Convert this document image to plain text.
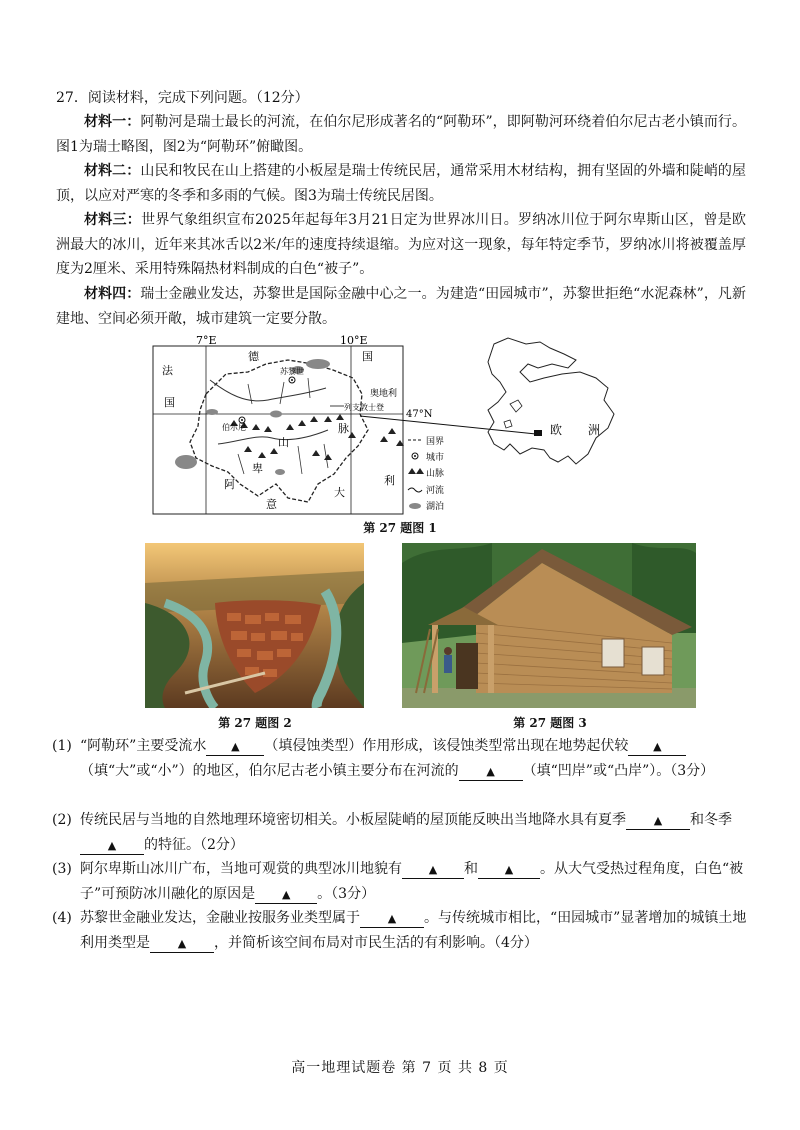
27．阅读材料，完成下列问题。（12分）

材料一：阿勒河是瑞士最长的河流，在伯尔尼形成著名的“阿勒环”，即阿勒河环绕着伯尔尼古老小镇而行。图1为瑞士略图，图2为“阿勒环”俯瞰图。

材料二：山民和牧民在山上搭建的小板屋是瑞士传统民居，通常采用木材结构，拥有坚固的外墙和陡峭的屋顶，以应对严寒的冬季和多雨的气候。图3为瑞士传统民居图。

材料三：世界气象组织宣布2025年起每年3月21日定为世界冰川日。罗纳冰川位于阿尔卑斯山区，曾是欧洲最大的冰川，近年来其冰舌以2米/年的速度持续退缩。为应对这一现象，每年特定季节，罗纳冰川将被覆盖厚度为2厘米、采用特殊隔热材料制成的白色“被子”。

材料四：瑞士金融业发达，苏黎世是国际金融中心之一。为建造“田园城市”，苏黎世拒绝“水泥森林”，凡新建地、空间必须开敞，城市建筑一定要分散。

7°E	10°E
47°N
法
国
德	国
苏黎世
奥地利
列支敦士登
伯尔尼	脉
山
卑
阿
意
大
利
国界
城市
山脉
河流
湖泊
欧 洲
第 27 题图 1
第 27 题图 2	第 27 题图 3

(1) “阿勒环”主要受流水 ▲ （填侵蚀类型）作用形成，该侵蚀类型常出现在地势起伏较 ▲（填“大”或“小”）的地区，伯尔尼古老小镇主要分布在河流的	▲ （填“凹岸”或“凸岸”）。（3分）

(2) 传统民居与当地的自然地理环境密切相关。小板屋陡峭的屋顶能反映出当地降水具有夏季	▲ 和冬季▲ 的特征。（2分）

(3) 阿尔卑斯山冰川广布，当地可观赏的典型冰川地貌有 ▲ 和 ▲ 。从大气受热过程角度，白色“被子”可预防冰川融化的原因是 ▲ 。（3分）

(4) 苏黎世金融业发达，金融业按服务业类型属于	▲ 。与传统城市相比，“田园城市”显著增加的城镇土地利用类型是	▲ ，并简析该空间布局对市民生活的有利影响。（4分）

高一地理试题卷 第 7 页 共 8 页
